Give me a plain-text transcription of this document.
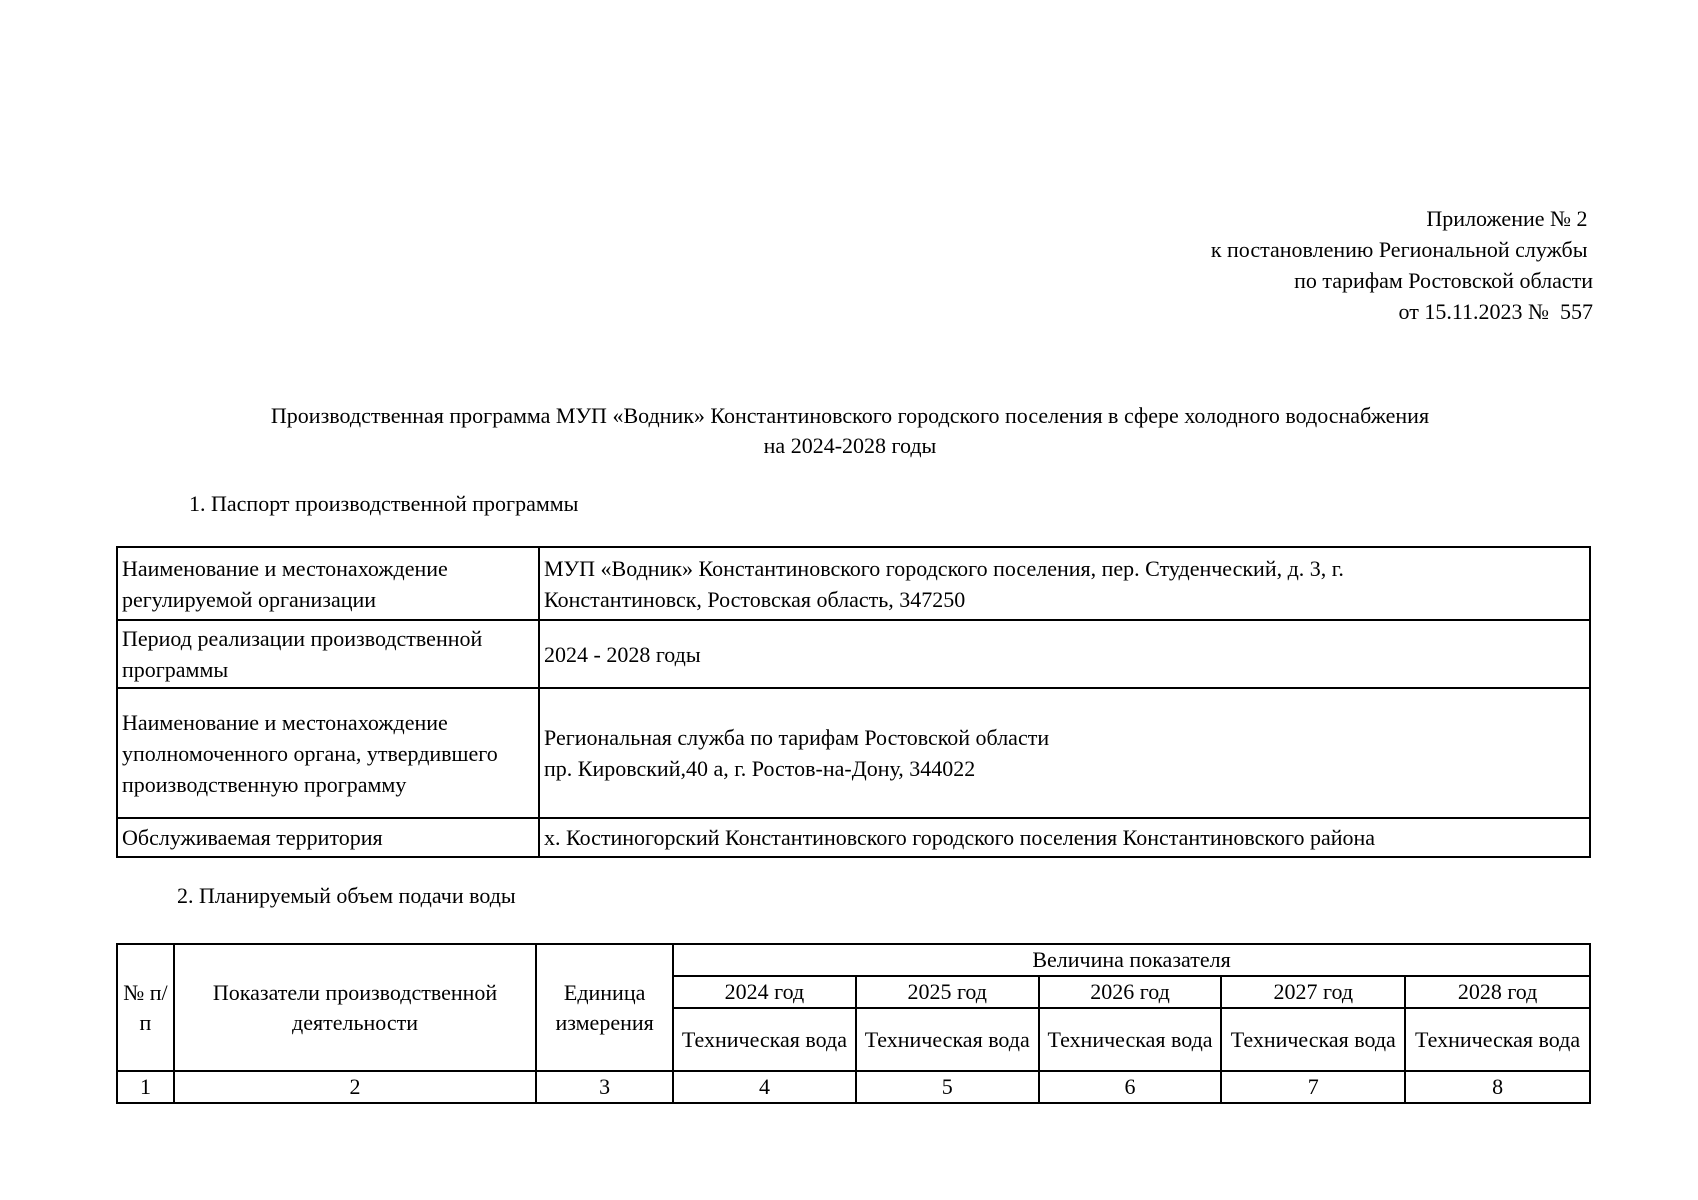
Приложение № 2
к постановлению Региональной службы
по тарифам Ростовской области
от 15.11.2023 №  557
Производственная программа МУП «Водник» Константиновского городского поселения в сфере холодного водоснабжения
на 2024-2028 годы
1. Паспорт производственной программы
Наименование и местонахождение регулируемой организации	МУП «Водник» Константиновского городского поселения, пер. Студенческий, д. 3, г.
Константиновск, Ростовская область, 347250

Период реализации производственной программы	2024 - 2028 годы

Наименование и местонахождение уполномоченного органа, утвердившего производственную программу	Региональная служба по тарифам Ростовской области
пр. Кировский,40 а, г. Ростов-на-Дону, 344022

Обслуживаемая территория	х. Костиногорский Константиновского городского поселения Константиновского района
2. Планируемый объем подачи воды
№ п/п	Показатели производственной деятельности	Единица измерения	Величина показателя				
			2024 год	2025 год	2026 год	2027 год	2028 год
			Техническая вода	Техническая вода	Техническая вода	Техническая вода	Техническая вода
1	2	3	4	5	6	7	8
